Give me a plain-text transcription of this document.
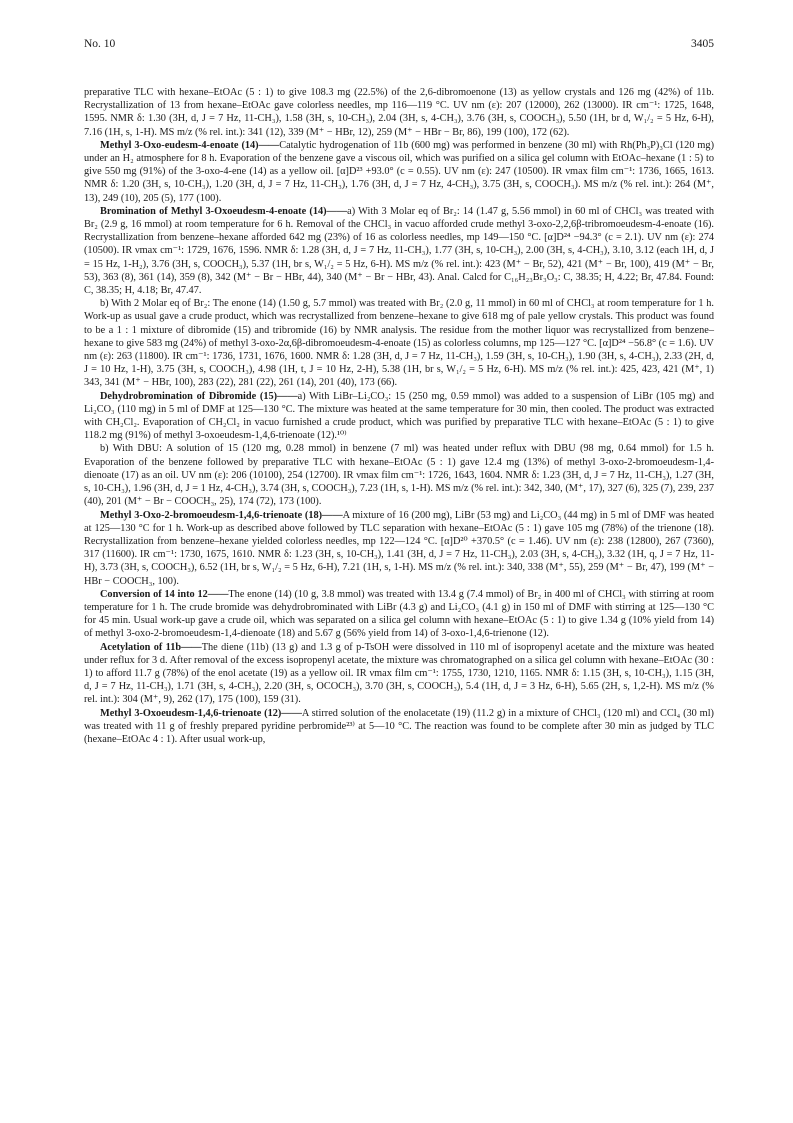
No. 10	3405

preparative TLC with hexane–EtOAc (5 : 1) to give 108.3 mg (22.5%) of the 2,6-dibromoenone (13) as yellow crystals and 126 mg (42%) of 11b. Recrystallization of 13 from hexane–EtOAc gave colorless needles, mp 116—119 °C. UV nm (ε): 207 (12000), 262 (13000). IR cm⁻¹: 1725, 1648, 1595. NMR δ: 1.30 (3H, d, J = 7 Hz, 11-CH₃), 1.58 (3H, s, 10-CH₃), 2.04 (3H, s, 4-CH₃), 3.76 (3H, s, COOCH₃), 5.50 (1H, br d, W₁/₂ = 5 Hz, 6-H), 7.16 (1H, s, 1-H). MS m/z (% rel. int.): 341 (12), 339 (M⁺ − HBr, 12), 259 (M⁺ − HBr − Br, 86), 199 (100), 172 (62).

Methyl 3-Oxo-eudesm-4-enoate (14)——Catalytic hydrogenation of 11b (600 mg) was performed in benzene (30 ml) with Rh(Ph₃P)₃Cl (120 mg) under an H₂ atmosphere for 8 h. Evaporation of the benzene gave a viscous oil, which was purified on a silica gel column with EtOAc–hexane (1 : 5) to give 550 mg (91%) of the 3-oxo-4-ene (14) as a yellow oil. [α]D²³ +93.0° (c = 0.55). UV nm (ε): 247 (10500). IR νmax film cm⁻¹: 1736, 1665, 1613. NMR δ: 1.20 (3H, s, 10-CH₃), 1.20 (3H, d, J = 7 Hz, 11-CH₃), 1.76 (3H, d, J = 7 Hz, 4-CH₃), 3.75 (3H, s, COOCH₃). MS m/z (% rel. int.): 264 (M⁺, 13), 249 (10), 205 (5), 177 (100).

Bromination of Methyl 3-Oxoeudesm-4-enoate (14)——a) With 3 Molar eq of Br₂: 14 (1.47 g, 5.56 mmol) in 60 ml of CHCl₃ was treated with Br₂ (2.9 g, 16 mmol) at room temperature for 6 h. Removal of the CHCl₃ in vacuo afforded crude methyl 3-oxo-2,2,6β-tribromoeudesm-4-enoate (16). Recrystallization from benzene–hexane afforded 642 mg (23%) of 16 as colorless needles, mp 149—150 °C. [α]D²⁴ −94.3° (c = 2.1). UV nm (ε): 274 (10500). IR νmax cm⁻¹: 1729, 1676, 1596. NMR δ: 1.28 (3H, d, J = 7 Hz, 11-CH₃), 1.77 (3H, s, 10-CH₃), 2.00 (3H, s, 4-CH₃), 3.10, 3.12 (each 1H, d, J = 15 Hz, 1-H₂), 3.76 (3H, s, COOCH₃), 5.37 (1H, br s, W₁/₂ = 5 Hz, 6-H). MS m/z (% rel. int.): 423 (M⁺ − Br, 52), 421 (M⁺ − Br, 100), 419 (M⁺ − Br, 53), 363 (8), 361 (14), 359 (8), 342 (M⁺ − Br − HBr, 44), 340 (M⁺ − Br − HBr, 43). Anal. Calcd for C₁₆H₂₃Br₃O₃: C, 38.35; H, 4.22; Br, 47.84. Found: C, 38.35; H, 4.18; Br, 47.47.

b) With 2 Molar eq of Br₂: The enone (14) (1.50 g, 5.7 mmol) was treated with Br₂ (2.0 g, 11 mmol) in 60 ml of CHCl₃ at room temperature for 1 h. Work-up as usual gave a crude product, which was recrystallized from benzene–hexane to give 618 mg of pale yellow crystals. This product was found to be a 1 : 1 mixture of dibromide (15) and tribromide (16) by NMR analysis. The residue from the mother liquor was recrystallized from benzene–hexane to give 583 mg (24%) of methyl 3-oxo-2α,6β-dibromoeudesm-4-enoate (15) as colorless columns, mp 125—127 °C. [α]D²⁴ −56.8° (c = 1.6). UV nm (ε): 263 (11800). IR cm⁻¹: 1736, 1731, 1676, 1600. NMR δ: 1.28 (3H, d, J = 7 Hz, 11-CH₃), 1.59 (3H, s, 10-CH₃), 1.90 (3H, s, 4-CH₃), 2.33 (2H, d, J = 10 Hz, 1-H), 3.75 (3H, s, COOCH₃), 4.98 (1H, t, J = 10 Hz, 2-H), 5.38 (1H, br s, W₁/₂ = 5 Hz, 6-H). MS m/z (% rel. int.): 425, 423, 421 (M⁺, 1) 343, 341 (M⁺ − HBr, 100), 283 (22), 281 (22), 261 (14), 201 (40), 173 (66).

Dehydrobromination of Dibromide (15)——a) With LiBr–Li₂CO₃: 15 (250 mg, 0.59 mmol) was added to a suspension of LiBr (105 mg) and Li₂CO₃ (110 mg) in 5 ml of DMF at 125—130 °C. The mixture was heated at the same temperature for 30 min, then cooled. The product was extracted with CH₂Cl₂. Evaporation of CH₂Cl₂ in vacuo furnished a crude product, which was purified by preparative TLC with hexane–EtOAc (5 : 1) to give 118.2 mg (91%) of methyl 3-oxoeudesm-1,4,6-trienoate (12).¹⁰⁾

b) With DBU: A solution of 15 (120 mg, 0.28 mmol) in benzene (7 ml) was heated under reflux with DBU (98 mg, 0.64 mmol) for 1.5 h. Evaporation of the benzene followed by preparative TLC with hexane–EtOAc (5 : 1) gave 12.4 mg (13%) of methyl 3-oxo-2-bromoeudesm-1,4-dienoate (17) as an oil. UV nm (ε): 206 (10100), 254 (12700). IR νmax film cm⁻¹: 1726, 1643, 1604. NMR δ: 1.23 (3H, d, J = 7 Hz, 11-CH₃), 1.27 (3H, s, 10-CH₃), 1.96 (3H, d, J = 1 Hz, 4-CH₃), 3.74 (3H, s, COOCH₃), 7.23 (1H, s, 1-H). MS m/z (% rel. int.): 342, 340, (M⁺, 17), 327 (6), 325 (7), 239, 237 (40), 201 (M⁺ − Br − COOCH₃, 25), 174 (72), 173 (100).

Methyl 3-Oxo-2-bromoeudesm-1,4,6-trienoate (18)——A mixture of 16 (200 mg), LiBr (53 mg) and Li₂CO₃ (44 mg) in 5 ml of DMF was heated at 125—130 °C for 1 h. Work-up as described above followed by TLC separation with hexane–EtOAc (5 : 1) gave 105 mg (78%) of the trienone (18). Recrystallization from benzene–hexane yielded colorless needles, mp 122—124 °C. [α]D²⁰ +370.5° (c = 1.46). UV nm (ε): 238 (12800), 267 (7360), 317 (11600). IR cm⁻¹: 1730, 1675, 1610. NMR δ: 1.23 (3H, s, 10-CH₃), 1.41 (3H, d, J = 7 Hz, 11-CH₃), 2.03 (3H, s, 4-CH₃), 3.32 (1H, q, J = 7 Hz, 11-H), 3.73 (3H, s, COOCH₃), 6.52 (1H, br s, W₁/₂ = 5 Hz, 6-H), 7.21 (1H, s, 1-H). MS m/z (% rel. int.): 340, 338 (M⁺, 55), 259 (M⁺ − Br, 47), 199 (M⁺ − HBr − COOCH₃, 100).

Conversion of 14 into 12——The enone (14) (10 g, 3.8 mmol) was treated with 13.4 g (7.4 mmol) of Br₂ in 400 ml of CHCl₃ with stirring at room temperature for 1 h. The crude bromide was dehydrobrominated with LiBr (4.3 g) and Li₂CO₃ (4.1 g) in 150 ml of DMF with stirring at 125—130 °C for 45 min. Usual work-up gave a crude oil, which was separated on a silica gel column with hexane–EtOAc (5 : 1) to give 1.34 g (10% yield from 14) of methyl 3-oxo-2-bromoeudesm-1,4-dienoate (18) and 5.67 g (56% yield from 14) of 3-oxo-1,4,6-trienone (12).

Acetylation of 11b——The diene (11b) (13 g) and 1.3 g of p-TsOH were dissolved in 110 ml of isopropenyl acetate and the mixture was heated under reflux for 3 d. After removal of the excess isopropenyl acetate, the mixture was chromatographed on a silica gel column with hexane–EtOAc (30 : 1) to afford 11.7 g (78%) of the enol acetate (19) as a yellow oil. IR νmax film cm⁻¹: 1755, 1730, 1210, 1165. NMR δ: 1.15 (3H, s, 10-CH₃), 1.15 (3H, d, J = 7 Hz, 11-CH₃), 1.71 (3H, s, 4-CH₃), 2.20 (3H, s, OCOCH₃), 3.70 (3H, s, COOCH₃), 5.4 (1H, d, J = 3 Hz, 6-H), 5.65 (2H, s, 1,2-H). MS m/z (% rel. int.): 304 (M⁺, 9), 262 (17), 175 (100), 159 (31).

Methyl 3-Oxoeudesm-1,4,6-trienoate (12)——A stirred solution of the enolacetate (19) (11.2 g) in a mixture of CHCl₃ (120 ml) and CCl₄ (30 ml) was treated with 11 g of freshly prepared pyridine perbromide²³⁾ at 5—10 °C. The reaction was found to be complete after 30 min as judged by TLC (hexane–EtOAc 4 : 1). After usual work-up,
